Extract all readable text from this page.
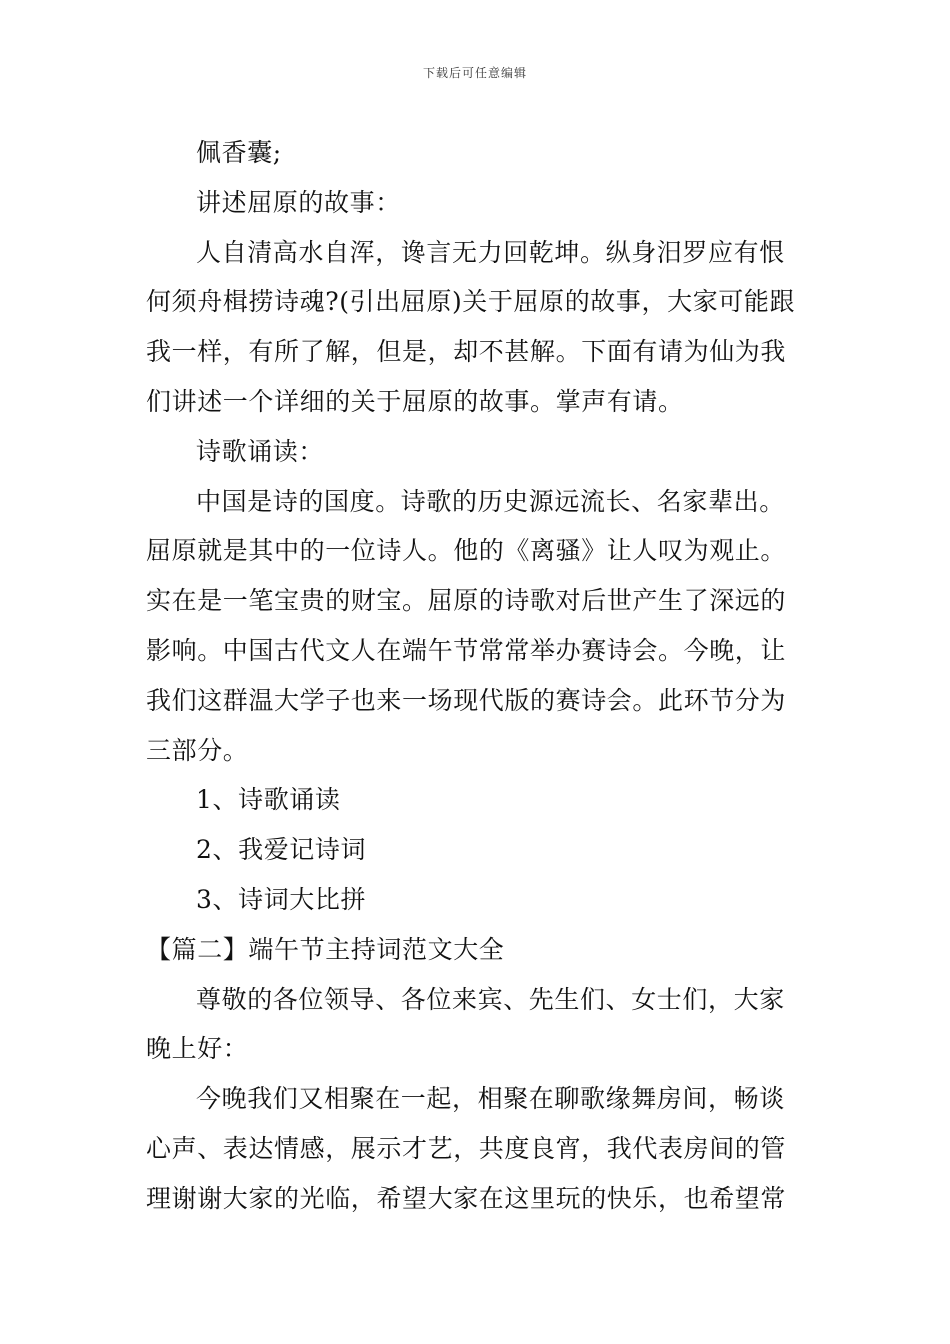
下载后可任意编辑
佩香囊;
讲述屈原的故事：
人自清高水自浑，谗言无力回乾坤。纵身汨罗应有恨
何须舟楫捞诗魂?(引出屈原)关于屈原的故事，大家可能跟
我一样，有所了解，但是，却不甚解。下面有请为仙为我
们讲述一个详细的关于屈原的故事。掌声有请。
诗歌诵读：
中国是诗的国度。诗歌的历史源远流长、名家辈出。
屈原就是其中的一位诗人。他的《离骚》让人叹为观止。
实在是一笔宝贵的财宝。屈原的诗歌对后世产生了深远的
影响。中国古代文人在端午节常常举办赛诗会。今晚，让
我们这群温大学子也来一场现代版的赛诗会。此环节分为
三部分。
1、诗歌诵读
2、我爱记诗词
3、诗词大比拼
【篇二】端午节主持词范文大全
尊敬的各位领导、各位来宾、先生们、女士们，大家
晚上好：
今晚我们又相聚在一起，相聚在聊歌缘舞房间，畅谈
心声、表达情感，展示才艺，共度良宵，我代表房间的管
理谢谢大家的光临，希望大家在这里玩的快乐，也希望常
